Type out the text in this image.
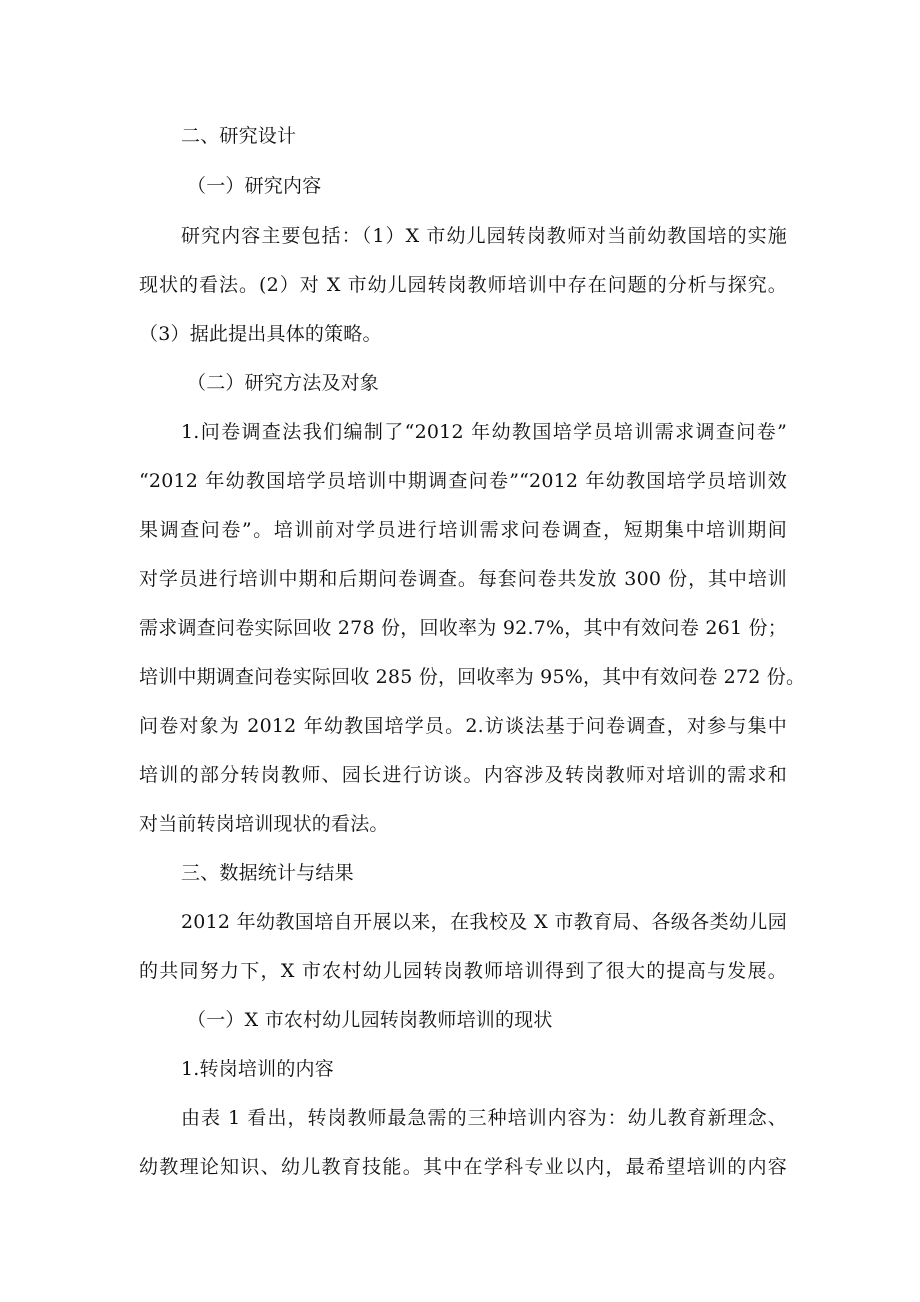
二、研究设计
（一）研究内容
研究内容主要包括：（1）X 市幼儿园转岗教师对当前幼教国培的实施
现状的看法。(2）对 X 市幼儿园转岗教师培训中存在问题的分析与探究。
（3）据此提出具体的策略。
（二）研究方法及对象
1.问卷调查法我们编制了“2012 年幼教国培学员培训需求调查问卷”
“2012 年幼教国培学员培训中期调查问卷”“2012 年幼教国培学员培训效
果调查问卷”。培训前对学员进行培训需求问卷调查，短期集中培训期间
对学员进行培训中期和后期问卷调查。每套问卷共发放 300 份，其中培训
需求调查问卷实际回收 278 份，回收率为 92.7%，其中有效问卷 261 份；
培训中期调查问卷实际回收 285 份，回收率为 95%，其中有效问卷 272 份。
问卷对象为 2012 年幼教国培学员。2.访谈法基于问卷调查，对参与集中
培训的部分转岗教师、园长进行访谈。内容涉及转岗教师对培训的需求和
对当前转岗培训现状的看法。
三、数据统计与结果
2012 年幼教国培自开展以来，在我校及 X 市教育局、各级各类幼儿园
的共同努力下，X 市农村幼儿园转岗教师培训得到了很大的提高与发展。
（一）X 市农村幼儿园转岗教师培训的现状
1.转岗培训的内容
由表 1 看出，转岗教师最急需的三种培训内容为：幼儿教育新理念、
幼教理论知识、幼儿教育技能。其中在学科专业以内，最希望培训的内容
